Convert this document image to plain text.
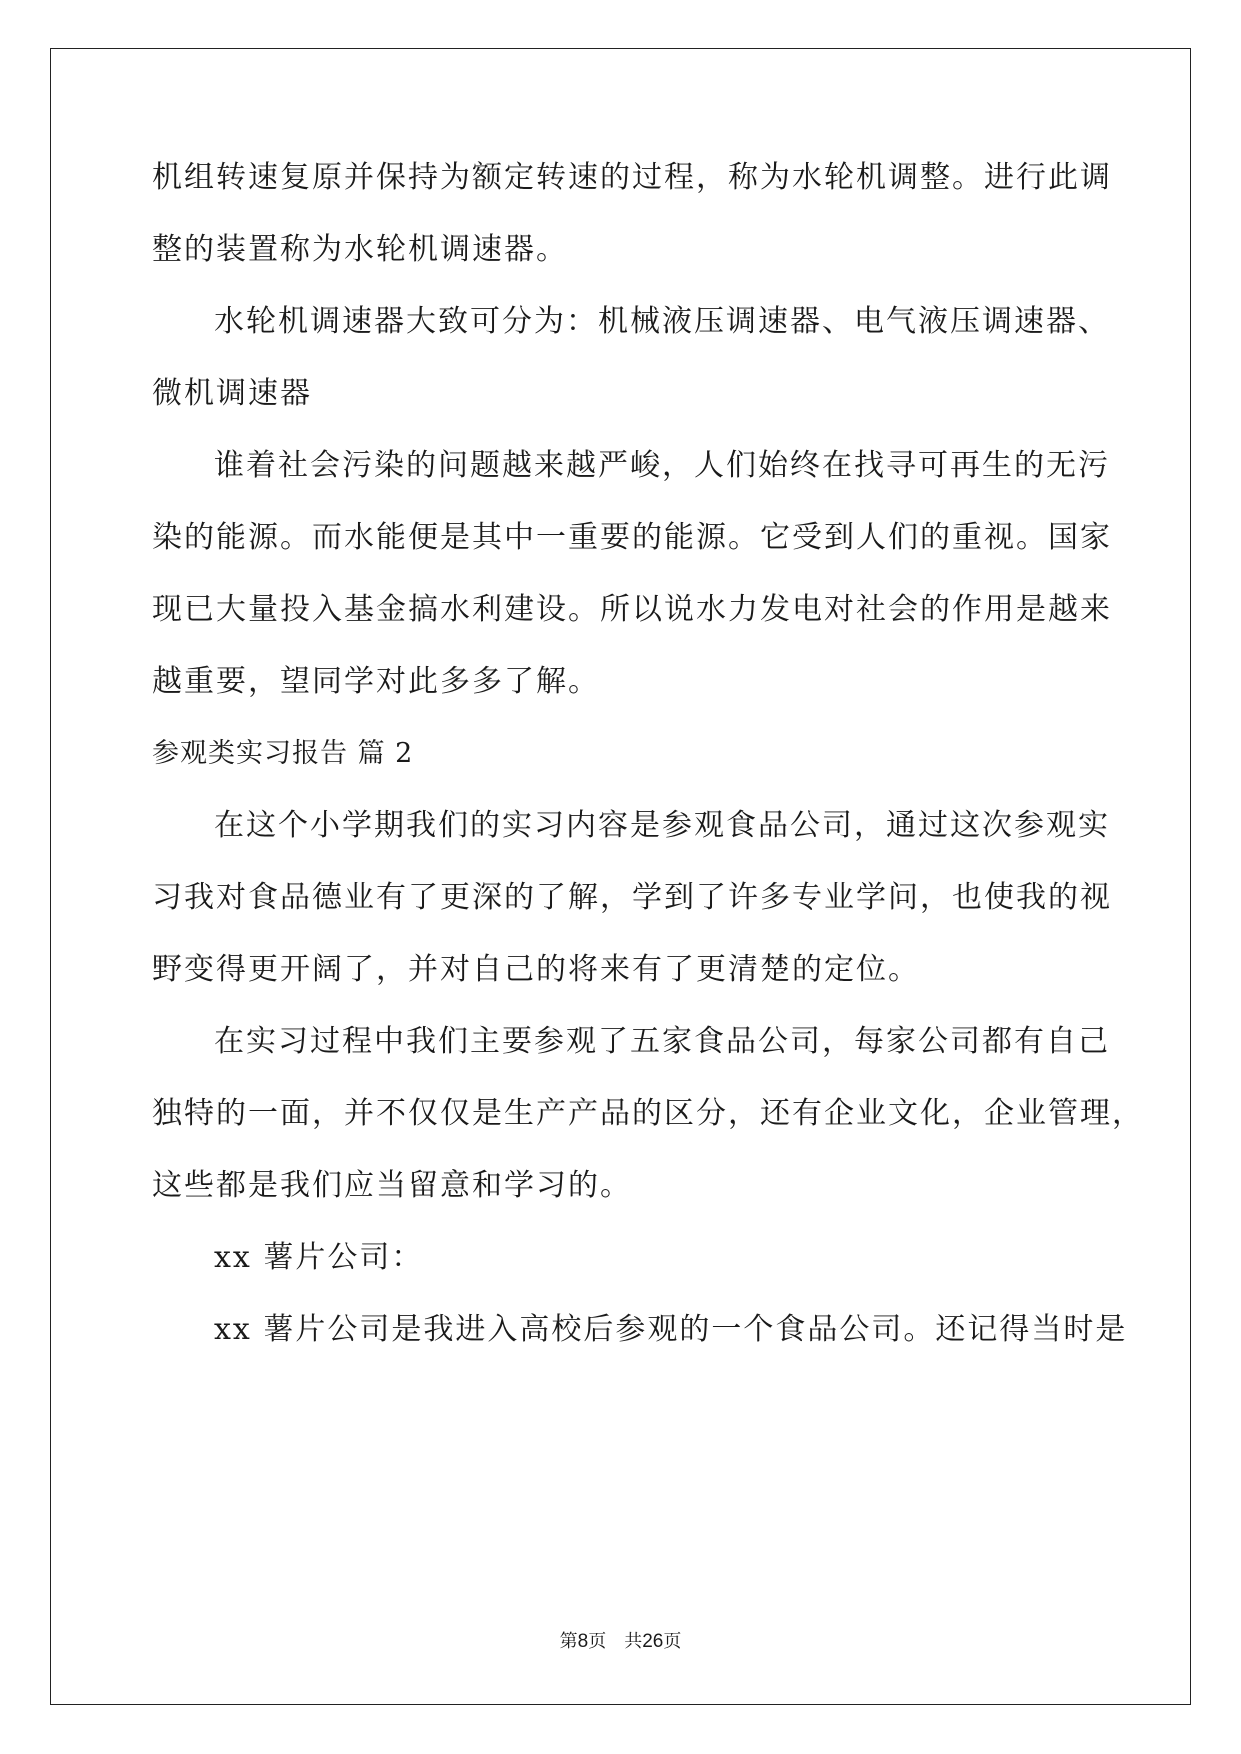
机组转速复原并保持为额定转速的过程，称为水轮机调整。进行此调
整的装置称为水轮机调速器。
水轮机调速器大致可分为：机械液压调速器、电气液压调速器、
微机调速器
谁着社会污染的问题越来越严峻，人们始终在找寻可再生的无污
染的能源。而水能便是其中一重要的能源。它受到人们的重视。国家
现已大量投入基金搞水利建设。所以说水力发电对社会的作用是越来
越重要，望同学对此多多了解。
参观类实习报告 篇 2
在这个小学期我们的实习内容是参观食品公司，通过这次参观实
习我对食品德业有了更深的了解，学到了许多专业学问，也使我的视
野变得更开阔了，并对自己的将来有了更清楚的定位。
在实习过程中我们主要参观了五家食品公司，每家公司都有自己
独特的一面，并不仅仅是生产产品的区分，还有企业文化，企业管理，
这些都是我们应当留意和学习的。
xx 薯片公司：
xx 薯片公司是我进入高校后参观的一个食品公司。还记得当时是
第8页　共26页
